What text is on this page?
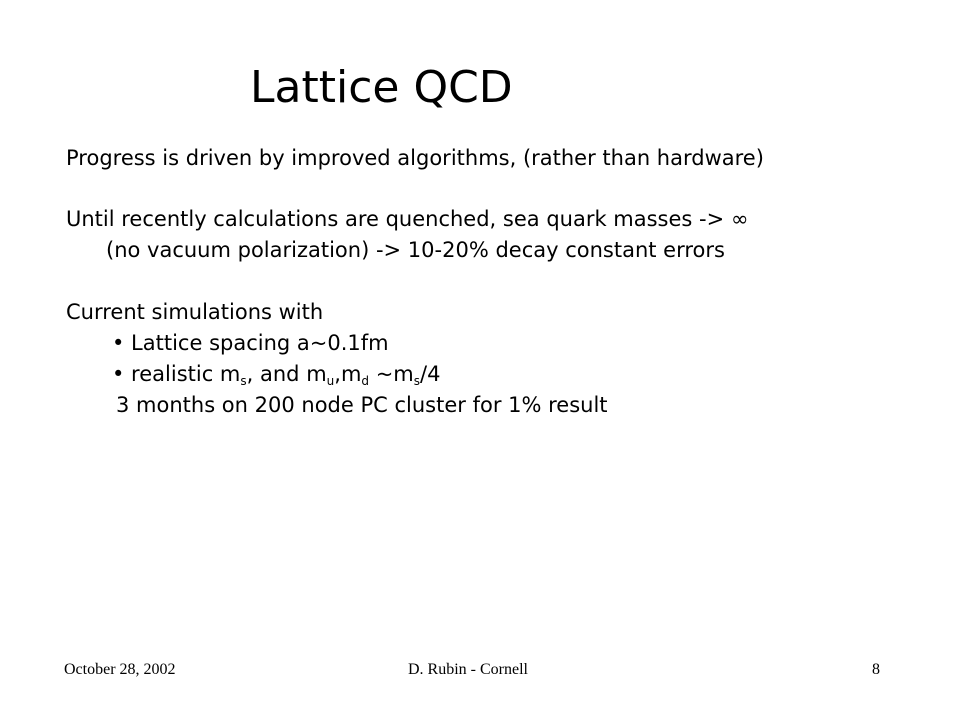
Lattice QCD
Progress is driven by improved algorithms, (rather than hardware)
Until recently calculations are quenched, sea quark masses -> ∞
(no vacuum polarization) -> 10-20% decay constant errors
Current simulations with
• Lattice spacing a~0.1fm
• realistic $m_s$, and $m_u,m_d$ $\sim m_s/4$
3 months on 200 node PC cluster for 1% result
October 28, 2002	D. Rubin - Cornell	8
